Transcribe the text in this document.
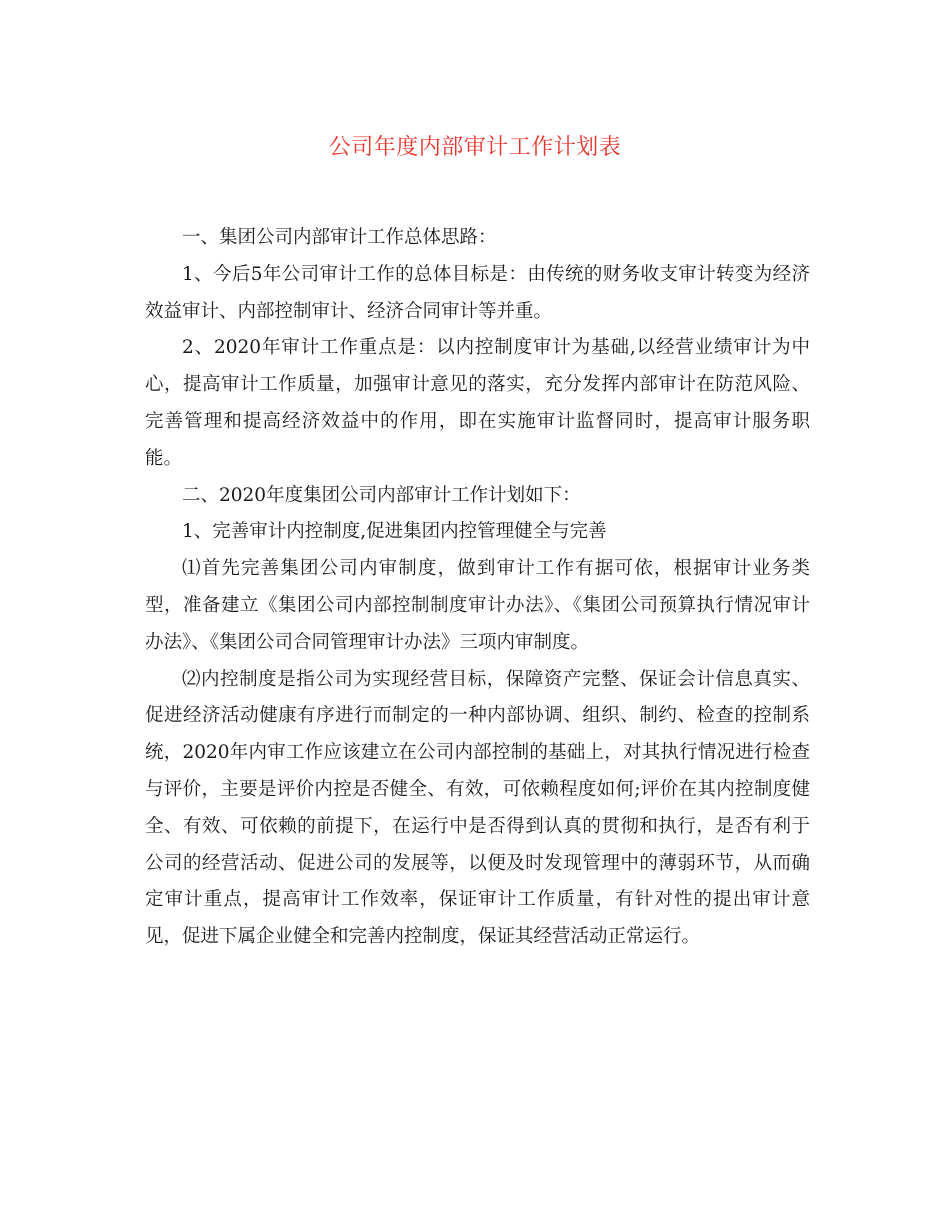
公司年度内部审计工作计划表

一、集团公司内部审计工作总体思路：

1、今后5年公司审计工作的总体目标是：由传统的财务收支审计转变为经济效益审计、内部控制审计、经济合同审计等并重。

2、2020年审计工作重点是：以内控制度审计为基础,以经营业绩审计为中心，提高审计工作质量，加强审计意见的落实，充分发挥内部审计在防范风险、完善管理和提高经济效益中的作用，即在实施审计监督同时，提高审计服务职能。

二、2020年度集团公司内部审计工作计划如下：

1、完善审计内控制度,促进集团内控管理健全与完善

⑴首先完善集团公司内审制度，做到审计工作有据可依，根据审计业务类型，准备建立《集团公司内部控制制度审计办法》、《集团公司预算执行情况审计办法》、《集团公司合同管理审计办法》三项内审制度。

⑵内控制度是指公司为实现经营目标，保障资产完整、保证会计信息真实、促进经济活动健康有序进行而制定的一种内部协调、组织、制约、检查的控制系统，2020年内审工作应该建立在公司内部控制的基础上，对其执行情况进行检查与评价，主要是评价内控是否健全、有效，可依赖程度如何;评价在其内控制度健全、有效、可依赖的前提下，在运行中是否得到认真的贯彻和执行，是否有利于公司的经营活动、促进公司的发展等，以便及时发现管理中的薄弱环节，从而确定审计重点，提高审计工作效率，保证审计工作质量，有针对性的提出审计意见，促进下属企业健全和完善内控制度，保证其经营活动正常运行。
